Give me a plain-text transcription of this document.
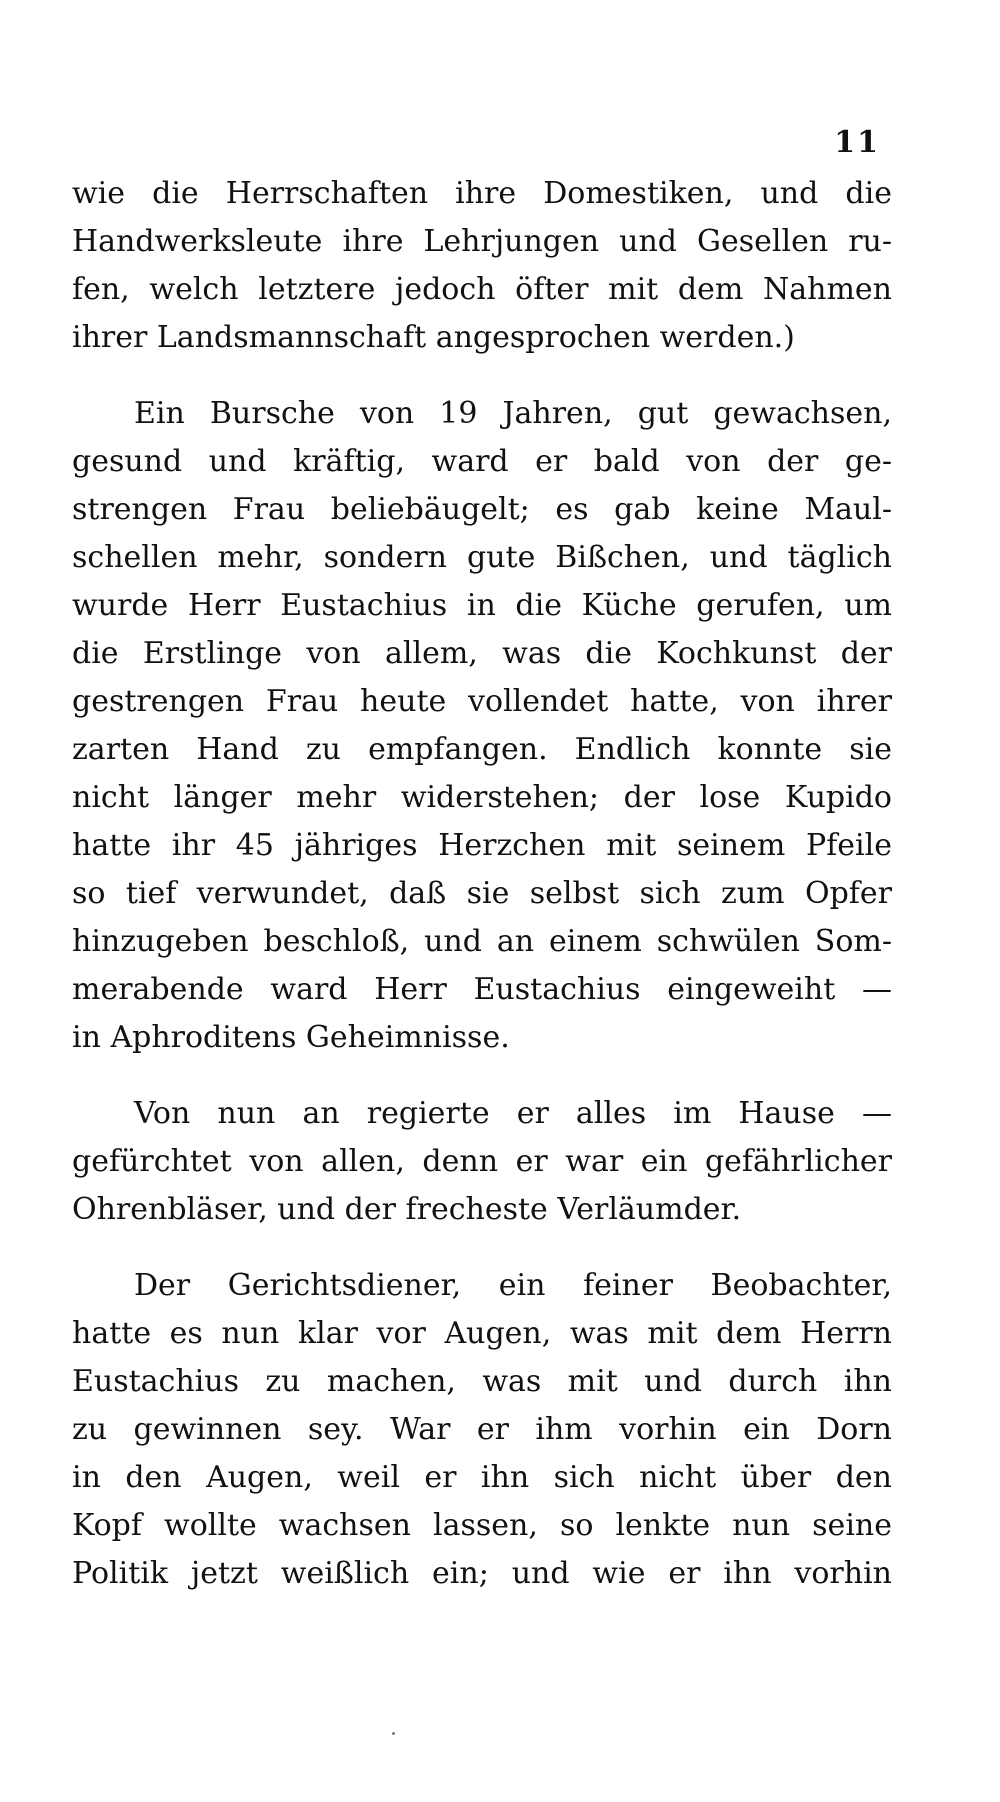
11
wie die Herrschaften ihre Domestiken, und die
Handwerksleute ihre Lehrjungen und Gesellen ru-
fen, welch letztere jedoch öfter mit dem Nahmen
ihrer Landsmannschaft angesprochen werden.)
Ein Bursche von 19 Jahren, gut gewachsen,
gesund und kräftig, ward er bald von der ge-
strengen Frau beliebäugelt; es gab keine Maul-
schellen mehr, sondern gute Bißchen, und täglich
wurde Herr Eustachius in die Küche gerufen, um
die Erstlinge von allem, was die Kochkunst der
gestrengen Frau heute vollendet hatte, von ihrer
zarten Hand zu empfangen. Endlich konnte sie
nicht länger mehr widerstehen; der lose Kupido
hatte ihr 45 jähriges Herzchen mit seinem Pfeile
so tief verwundet, daß sie selbst sich zum Opfer
hinzugeben beschloß, und an einem schwülen Som-
merabende ward Herr Eustachius eingeweiht —
in Aphroditens Geheimnisse.
Von nun an regierte er alles im Hause —
gefürchtet von allen, denn er war ein gefährlicher
Ohrenbläser, und der frecheste Verläumder.
Der Gerichtsdiener, ein feiner Beobachter,
hatte es nun klar vor Augen, was mit dem Herrn
Eustachius zu machen, was mit und durch ihn
zu gewinnen sey. War er ihm vorhin ein Dorn
in den Augen, weil er ihn sich nicht über den
Kopf wollte wachsen lassen, so lenkte nun seine
Politik jetzt weißlich ein; und wie er ihn vorhin
